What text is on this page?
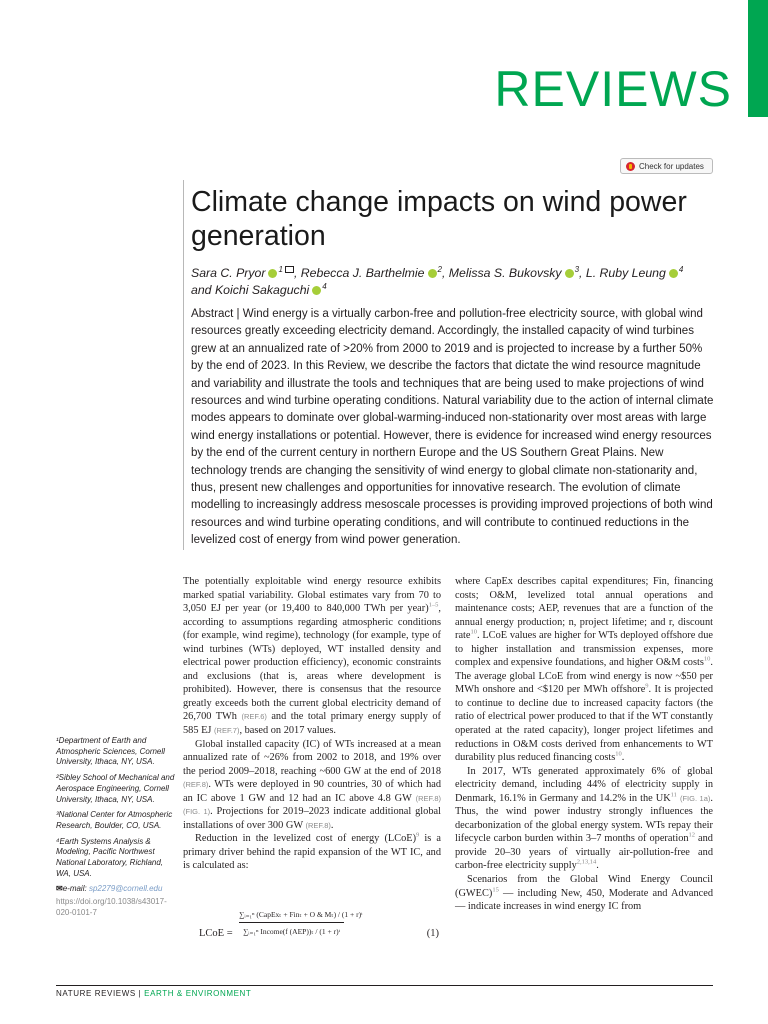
REVIEWS
Check for updates
Climate change impacts on wind power generation
Sara C. Pryor $^1$ , Rebecca J. Barthelmie $^2$, Melissa S. Bukovsky $^3$, L. Ruby Leung $^4$
and Koichi Sakaguchi $^4$

Abstract | Wind energy is a virtually carbon-free and pollution-free electricity source, with global wind resources greatly exceeding electricity demand. Accordingly, the installed capacity of wind turbines grew at an annualized rate of >20% from 2000 to 2019 and is projected to increase by a further 50% by the end of 2023. In this Review, we describe the factors that dictate the wind resource magnitude and variability and illustrate the tools and techniques that are being used to make projections of wind resources and wind turbine operating conditions. Natural variability due to the action of internal climate modes appears to dominate over global-warming-induced non-stationarity over most areas with large wind energy installations or potential. However, there is evidence for increased wind energy resources by the end of the current century in northern Europe and the US Southern Great Plains. New technology trends are changing the sensitivity of wind energy to global climate non-stationarity and, thus, present new challenges and opportunities for innovative research. The evolution of climate modelling to increasingly address mesoscale processes is providing improved projections of both wind resources and wind turbine operating conditions, and will contribute to continued reductions in the levelized cost of energy from wind power generation.

¹Department of Earth and Atmospheric Sciences, Cornell University, Ithaca, NY, USA.

²Sibley School of Mechanical and Aerospace Engineering, Cornell University, Ithaca, NY, USA.

³National Center for Atmospheric Research, Boulder, CO, USA.

⁴Earth Systems Analysis & Modeling, Pacific Northwest National Laboratory, Richland, WA, USA.

✉e-mail: sp2279@cornell.edu

https://doi.org/10.1038/s43017-020-0101-7

The potentially exploitable wind energy resource exhibits marked spatial variability. Global estimates vary from 70 to 3,050 EJ per year (or 19,400 to 840,000 TWh per year)$^{1-5}$, according to assumptions regarding atmospheric conditions (for example, wind regime), technology (for example, type of wind turbines (WTs) deployed, WT installed density and electrical power production efficiency), economic constraints and exclusions (that is, areas where development is prohibited). However, there is consensus that the resource greatly exceeds both the current global electricity demand of 26,700 TWh (REF.6) and the total primary energy supply of 585 EJ (REF.7), based on 2017 values.

Global installed capacity (IC) of WTs increased at a mean annualized rate of ~26% from 2002 to 2018, and 19% over the period 2009–2018, reaching ~600 GW at the end of 2018 (REF.8). WTs were deployed in 90 countries, 30 of which had an IC above 1 GW and 12 had an IC above 4.8 GW (REF.8) (FIG. 1). Projections for 2019–2023 indicate additional global installations of over 300 GW (REF.8).

Reduction in the levelized cost of energy (LCoE)$^9$ is a primary driver behind the rapid expansion of the WT IC, and is calculated as:

LCoE =
∑ᵢ₌₁ⁿ (CapExₜ + Finₜ + O & Mₜ) / (1 + r)ᵗ
∑ᵢ₌₁ⁿ Income(f (AEP))ₜ / (1 + r)ᵗ	(1)

where CapEx describes capital expenditures; Fin, financing costs; O&M, levelized total annual operations and maintenance costs; AEP, revenues that are a function of the annual energy production; n, project lifetime; and r, discount rate$^{10}$. LCoE values are higher for WTs deployed offshore due to higher installation and transmission expenses, more complex and expensive foundations, and higher O&M costs$^{10}$. The average global LCoE from wind energy is now ~$50 per MWh onshore and <$120 per MWh offshore$^9$. It is projected to continue to decline due to increased capacity factors (the ratio of electrical power produced to that if the WT constantly operated at the rated capacity), longer project lifetimes and reductions in O&M costs derived from enhancements to WT durability plus reduced financing costs$^{10}$.

In 2017, WTs generated approximately 6% of global electricity demand, including 44% of electricity supply in Denmark, 16.1% in Germany and 14.2% in the UK$^{11}$ (FIG. 1a). Thus, the wind power industry strongly influences the decarbonization of the global energy system. WTs repay their lifecycle carbon burden within 3–7 months of operation$^{12}$ and provide 20–30 years of virtually air-pollution-free and carbon-free electricity supply$^{2,13,14}$.

Scenarios from the Global Wind Energy Council (GWEC)$^{15}$ — including New, 450, Moderate and Advanced — indicate increases in wind energy IC from

NATURE REVIEWS | EARTH & ENVIRONMENT
